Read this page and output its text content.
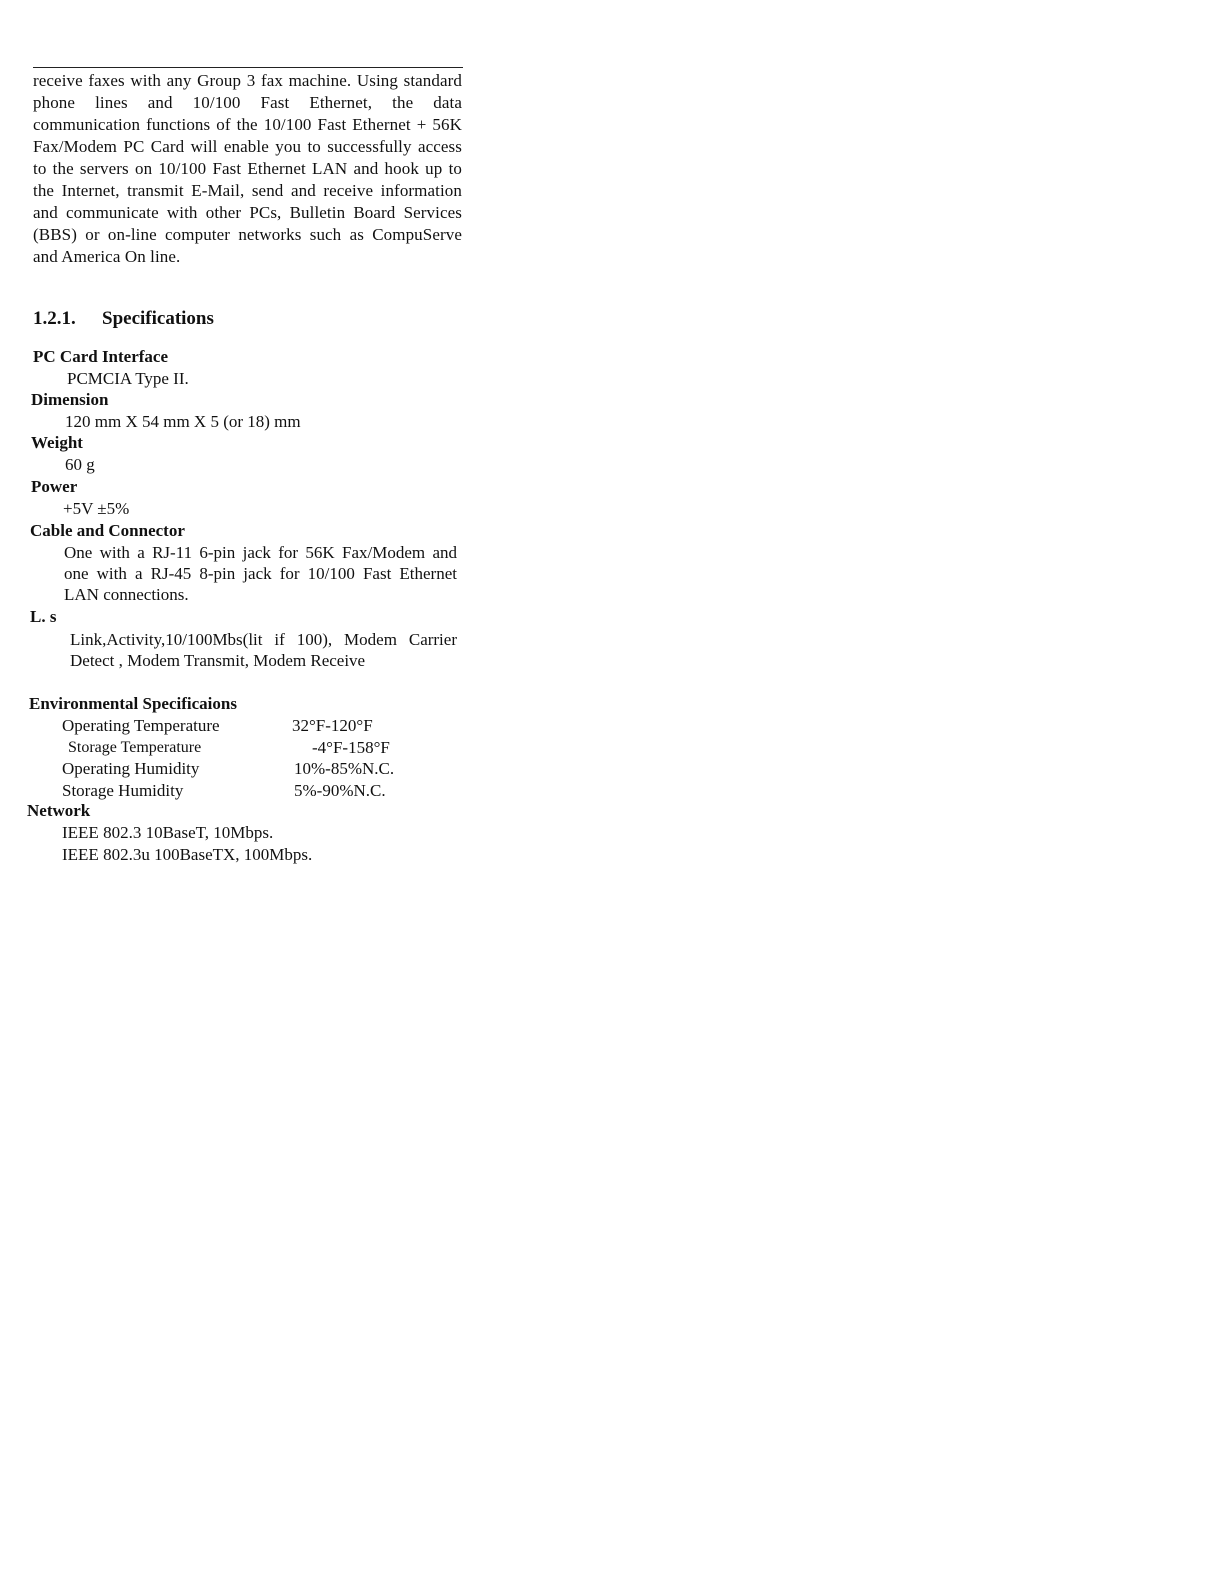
receive faxes with any Group 3 fax machine. Using standard phone lines and 10/100 Fast Ethernet, the data communication functions of the 10/100 Fast Ethernet + 56K Fax/Modem PC Card will enable you to successfully access to the servers on 10/100 Fast Ethernet LAN and hook up to the Internet, transmit E-Mail, send and receive information and communicate with other PCs, Bulletin Board Services (BBS) or on-line computer networks such as CompuServe and America On line.

1.2.1. Specifications
PC Card Interface
PCMCIA Type II.
Dimension
120 mm X 54 mm X 5 (or 18) mm
Weight
60 g
Power
+5V ±5%
Cable and Connector
One with a RJ-11 6-pin jack for 56K Fax/Modem and one with a RJ-45 8-pin jack for 10/100 Fast Ethernet LAN connections.
L. s
Link,Activity,10/100Mbs(lit if 100), Modem Carrier Detect , Modem Transmit, Modem Receive
Environmental Specificaions
Operating Temperature	32°F-120°F
Storage Temperature	-4°F-158°F
Operating Humidity	10%-85%N.C.
Storage Humidity	5%-90%N.C.
Network
IEEE 802.3 10BaseT, 10Mbps.
IEEE 802.3u 100BaseTX, 100Mbps.
